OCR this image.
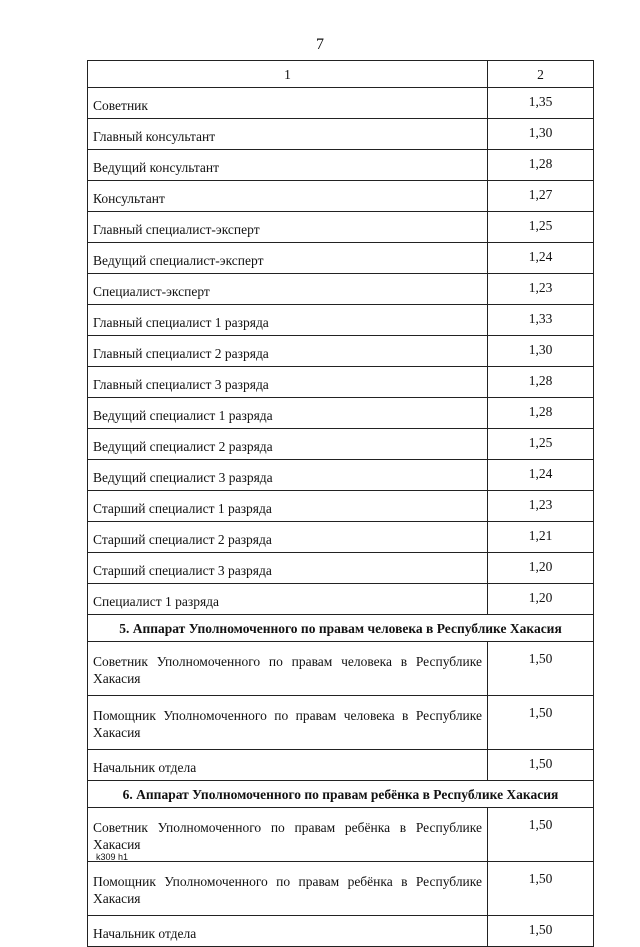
7
1	2
Советник	1,35
Главный консультант	1,30
Ведущий консультант	1,28
Консультант	1,27
Главный специалист-эксперт	1,25
Ведущий специалист-эксперт	1,24
Специалист-эксперт	1,23
Главный специалист 1 разряда	1,33
Главный специалист 2 разряда	1,30
Главный специалист 3 разряда	1,28
Ведущий специалист 1 разряда	1,28
Ведущий специалист 2 разряда	1,25
Ведущий специалист 3 разряда	1,24
Старший специалист 1 разряда	1,23
Старший специалист 2 разряда	1,21
Старший специалист 3 разряда	1,20
Специалист 1 разряда	1,20
5. Аппарат Уполномоченного по правам человека в Республике Хакасия	
Советник Уполномоченного по правам человека в Республике Хакасия	1,50
Помощник Уполномоченного по правам человека в Республике Хакасия	1,50
Начальник отдела	1,50
6. Аппарат Уполномоченного по правам ребёнка в Республике Хакасия	
Советник Уполномоченного по правам ребёнка в Республике Хакасия	1,50
Помощник Уполномоченного по правам ребёнка в Республике Хакасия	1,50
Начальник отдела	1,50
k309 h1
